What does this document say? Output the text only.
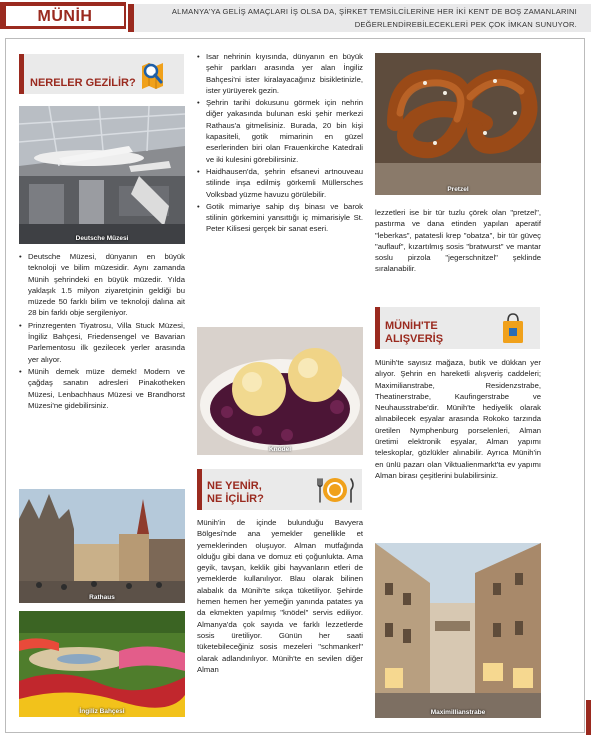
MÜNİH	ALMANYA'YA GELİŞ AMAÇLARI İŞ OLSA DA, ŞİRKET TEMSİLCİLERİNE HER İKİ KENT DE BOŞ ZAMANLARINI

DEĞERLENDİREBİLECEKLERİ PEK ÇOK İMKAN SUNUYOR.

NERELER GEZİLİR?
Deutsche Müzesi
• Deutsche Müzesi, dünyanın en büyük teknoloji ve bilim müzesidir. Aynı zamanda Münih şehrindeki en büyük müzedir. Yılda yaklaşık 1.5 milyon ziyaretçinin geldiği bu müzede 50 farklı bilim ve teknoloji dalına ait 28 bin farklı obje sergileniyor.
• Prinzregenten Tiyatrosu, Villa Stuck Müzesi, İngiliz Bahçesi, Friedensengel ve Bavarian Parlementosu ilk gezilecek yerler arasında yer alıyor.
• Münih demek müze demek! Modern ve çağdaş sanatın adresleri Pinakotheken Müzesi, Lenbachhaus Müzesi ve Brandhorst Müzesi'ne gidebilirsiniz.
Rathaus
İngiliz Bahçesi
• Isar nehrinin kıyısında, dünyanın en büyük şehir parkları arasında yer alan İngiliz Bahçesi'ni ister kiralayacağınız bisikletinizle, ister yürüyerek gezin.
• Şehrin tarihi dokusunu görmek için nehrin diğer yakasında bulunan eski şehir merkezi Rathaus'a gitmelisiniz. Burada, 20 bin kişi kapasiteli, gotik mimarinin en güzel eserlerinden biri olan Frauenkirche Katedrali ve iki kulesini görebilirsiniz.
• Haidhausen'da, şehrin efsanevi artnouveau stilinde inşa edilmiş görkemli Müllersches Volksbad yüzme havuzu görülebilir.
• Gotik mimariye sahip dış binası ve barok stilinin görkemini yansıttığı iç mimarisiyle St. Peter Kilisesi gerçek bir sanat eseri.
Knödel
NE YENİR,
NE İÇİLİR?

Münih'in de içinde bulunduğu Bavyera Bölgesi'nde ana yemekler genellikle et yemeklerinden oluşuyor. Alman mutfağında olduğu gibi dana ve domuz eti çoğunlukta. Ama geyik, tavşan, keklik gibi hayvanların etleri de yemeklerde kullanılıyor. Blau olarak bilinen alabalık da Münih'te sıkça tüketiliyor. Şehirde hemen hemen her yemeğin yanında patates ya da ekmekten yapılmış "knödel" servis ediliyor. Almanya'da çok sayıda ve farklı lezzetlerde sosis üretiliyor. Günün her saati tüketebileceğiniz sosis mezeleri "schmankerl" olarak adlandırılıyor. Münih'te en sevilen diğer Alman

Pretzel

lezzetleri ise bir tür tuzlu çörek olan "pretzel", pastırma ve dana etinden yapılan aperatif "leberkas", patatesli krep "obatza", bir tür güveç "auflauf", kızartılmış sosis "bratwurst" ve mantar soslu pirzola "jegerschnitzel" şeklinde sıralanabilir.

MÜNİH'TE
ALIŞVERİŞ

Münih'te sayısız mağaza, butik ve dükkan yer alıyor. Şehrin en hareketli alışveriş caddeleri; Maximilianstrabe, Residenzstrabe, Theatinerstrabe, Kaufingerstrabe ve Neuhausstrabe'dir. Münih'te hediyelik olarak alınabilecek eşyalar arasında Rokoko tarzında üretilen Nymphenburg porselenleri, Alman üretimi elektronik eşyalar, Alman yapımı teleskoplar, gözlükler alınabilir. Ayrıca Münih'in en ünlü pazarı olan Viktualienmarkt'ta ev yapımı Alman birası çeşitlerini bulabilirsiniz.

Maximillianstrabe
